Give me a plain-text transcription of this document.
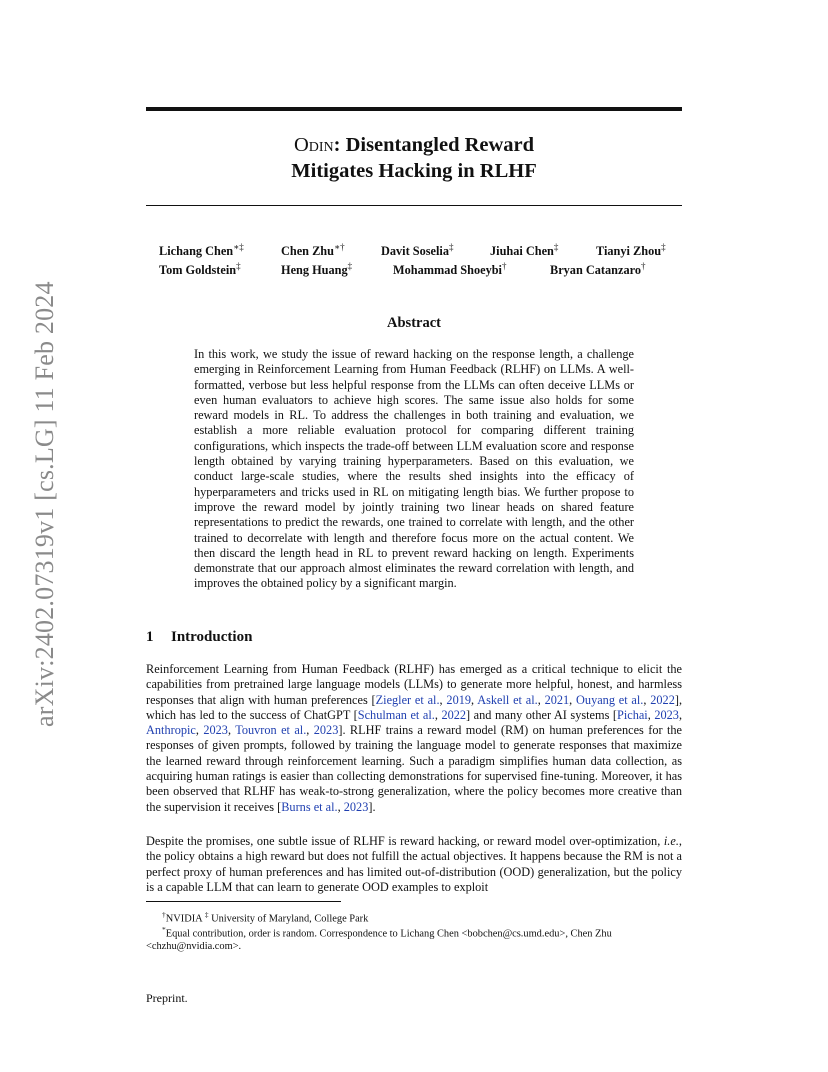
arXiv:2402.07319v1 [cs.LG] 11 Feb 2024
Odin: Disentangled Reward
Mitigates Hacking in RLHF
Lichang Chen∗‡	Chen Zhu∗†	Davit Soselia‡	Jiuhai Chen‡	Tianyi Zhou‡
Tom Goldstein‡	Heng Huang‡	Mohammad Shoeybi†	Bryan Catanzaro†
Abstract
In this work, we study the issue of reward hacking on the response length, a challenge emerging in Reinforcement Learning from Human Feedback (RLHF) on LLMs. A well-formatted, verbose but less helpful response from the LLMs can often deceive LLMs or even human evaluators to achieve high scores. The same issue also holds for some reward models in RL. To address the challenges in both training and evaluation, we establish a more reliable evaluation protocol for comparing different training configurations, which inspects the trade-off between LLM evaluation score and response length obtained by varying training hyperparameters. Based on this evaluation, we conduct large-scale studies, where the results shed insights into the efficacy of hyperparameters and tricks used in RL on mitigating length bias. We further propose to improve the reward model by jointly training two linear heads on shared feature representations to predict the rewards, one trained to correlate with length, and the other trained to decorrelate with length and therefore focus more on the actual content. We then discard the length head in RL to prevent reward hacking on length. Experiments demonstrate that our approach almost eliminates the reward correlation with length, and improves the obtained policy by a significant margin.
1 Introduction

Reinforcement Learning from Human Feedback (RLHF) has emerged as a critical technique to elicit the capabilities from pretrained large language models (LLMs) to generate more helpful, honest, and harmless responses that align with human preferences [Ziegler et al., 2019, Askell et al., 2021, Ouyang et al., 2022], which has led to the success of ChatGPT [Schulman et al., 2022] and many other AI systems [Pichai, 2023, Anthropic, 2023, Touvron et al., 2023]. RLHF trains a reward model (RM) on human preferences for the responses of given prompts, followed by training the language model to generate responses that maximize the learned reward through reinforcement learning. Such a paradigm simplifies human data collection, as acquiring human ratings is easier than collecting demonstrations for supervised fine-tuning. Moreover, it has been observed that RLHF has weak-to-strong generalization, where the policy becomes more creative than the supervision it receives [Burns et al., 2023].

Despite the promises, one subtle issue of RLHF is reward hacking, or reward model over-optimization, i.e., the policy obtains a high reward but does not fulfill the actual objectives. It happens because the RM is not a perfect proxy of human preferences and has limited out-of-distribution (OOD) generalization, but the policy is a capable LLM that can learn to generate OOD examples to exploit

†NVIDIA ‡ University of Maryland, College Park
*Equal contribution, order is random. Correspondence to Lichang Chen <bobchen@cs.umd.edu>, Chen Zhu <chzhu@nvidia.com>.
Preprint.
